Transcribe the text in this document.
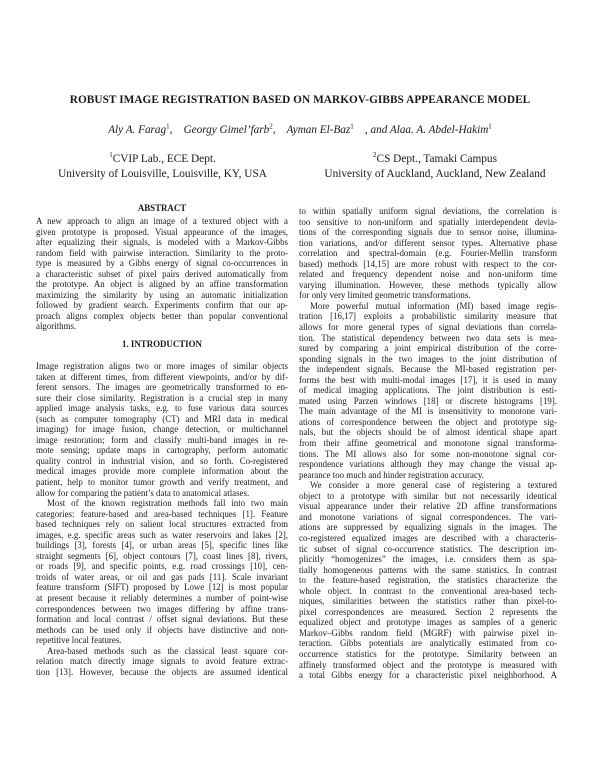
ROBUST IMAGE REGISTRATION BASED ON MARKOV-GIBBS APPEARANCE MODEL
Aly A. Farag$^1$,    Georgy Gimel’farb$^2$,    Ayman El-Baz$^1$ , and Alaa. A. Abdel-Hakim$^1$
$^1$CVIP Lab., ECE Dept.
University of Louisville, Louisville, KY, USA
$^2$CS Dept., Tamaki Campus
University of Auckland, Auckland, New Zealand
ABSTRACT
A new approach to align an image of a textured object with a
given prototype is proposed. Visual appearance of the images,
after equalizing their signals, is modeled with a Markov-Gibbs
random field with pairwise interaction. Similarity to the proto-
type is measured by a Gibbs energy of signal co-occurrences in
a characteristic subset of pixel pairs derived automatically from
the prototype. An object is aligned by an affine transformation
maximizing the similarity by using an automatic initialization
followed by gradient search. Experiments confirm that our ap-
proach aligns complex objects better than popular conventional
algorithms.
1. INTRODUCTION
Image registration aligns two or more images of similar objects
taken at different times, from different viewpoints, and/or by dif-
ferent sensors. The images are geometrically transformed to en-
sure their close similarity. Registration is a crucial step in many
applied image analysis tasks, e.g. to fuse various data sources
(such as computer tomography (CT) and MRI data in medical
imaging) for image fusion, change detection, or multichannel
image restoration; form and classify multi-band images in re-
mote sensing; update maps in cartography, perform automatic
quality control in industrial vision, and so forth. Co-registered
medical images provide more complete information about the
patient, help to monitor tumor growth and verify treatment, and
allow for comparing the patient’s data to anatomical atlases.
Most of the known registration methods fall into two main
categories: feature-based and area-based techniques [1]. Feature
based techniques rely on salient local structures extracted from
images, e.g. specific areas such as water reservoirs and lakes [2],
buildings [3], forests [4], or urban areas [5], specific lines like
straight segments [6], object contours [7], coast lines [8], rivers,
or roads [9], and specific points, e.g. road crossings [10], cen-
troids of water areas, or oil and gas pads [11]. Scale invariant
feature transform (SIFT) proposed by Lowe [12] is most popular
at present because it reliably determines a number of point-wise
correspondences between two images differing by affine trans-
formation and local contrast / offset signal deviations. But these
methods can be used only if objects have distinctive and non-
repetitive local features.
Area-based methods such as the classical least square cor-
relation match directly image signals to avoid feature extrac-
tion [13]. However, because the objects are assumed identical
to within spatially uniform signal deviations, the correlation is
too sensitive to non-uniform and spatially interdependent devia-
tions of the corresponding signals due to sensor noise, illumina-
tion variations, and/or different sensor types. Alternative phase
correlation and spectral-domain (e.g. Fourier-Mellin transform
based) methods [14,15] are more robust with respect to the cor-
related and frequency dependent noise and non-uniform time
varying illumination. However, these methods typically allow
for only very limited geometric transformations.
More powerful mutual information (MI) based image regis-
tration [16,17] exploits a probabilistic similarity measure that
allows for more general types of signal deviations than correla-
tion. The statistical dependency between two data sets is mea-
sured by comparing a joint empirical distribution of the corre-
sponding signals in the two images to the joint distribution of
the independent signals. Because the MI-based registration per-
forms the best with multi-modal images [17], it is used in many
of medical imaging applications. The joint distribution is esti-
mated using Parzen windows [18] or discrete histograms [19].
The main advantage of the MI is insensitivity to monotone vari-
ations of correspondence between the object and prototype sig-
nals, but the objects should be of almost identical shape apart
from their affine geometrical and monotone signal transforma-
tions. The MI allows also for some non-monotone signal cor-
respondence variations although they may change the visual ap-
pearance too much and hinder registration accuracy.
We consider a more general case of registering a textured
object to a prototype with similar but not necessarily identical
visual appearance under their relative 2D affine transformations
and monotone variations of signal correspondences. The vari-
ations are suppressed by equalizing signals in the images. The
co-registered equalized images are described with a characteris-
tic subset of signal co-occurrence statistics. The description im-
plicitly “homogenizes” the images, i.e. considers them as spa-
tially homogeneous patterns with the same statistics. In contrast
to the feature-based registration, the statistics characterize the
whole object. In contrast to the conventional area-based tech-
niques, similarities between the statistics rather than pixel-to-
pixel correspondences are measured. Section 2 represents the
equalized object and prototype images as samples of a generic
Markov–Gibbs random field (MGRF) with pairwise pixel in-
teraction. Gibbs potentials are analytically estimated from co-
occurrence statistics for the prototype. Similarity between an
affinely transformed object and the prototype is measured with
a total Gibbs energy for a characteristic pixel neighborhood. A
